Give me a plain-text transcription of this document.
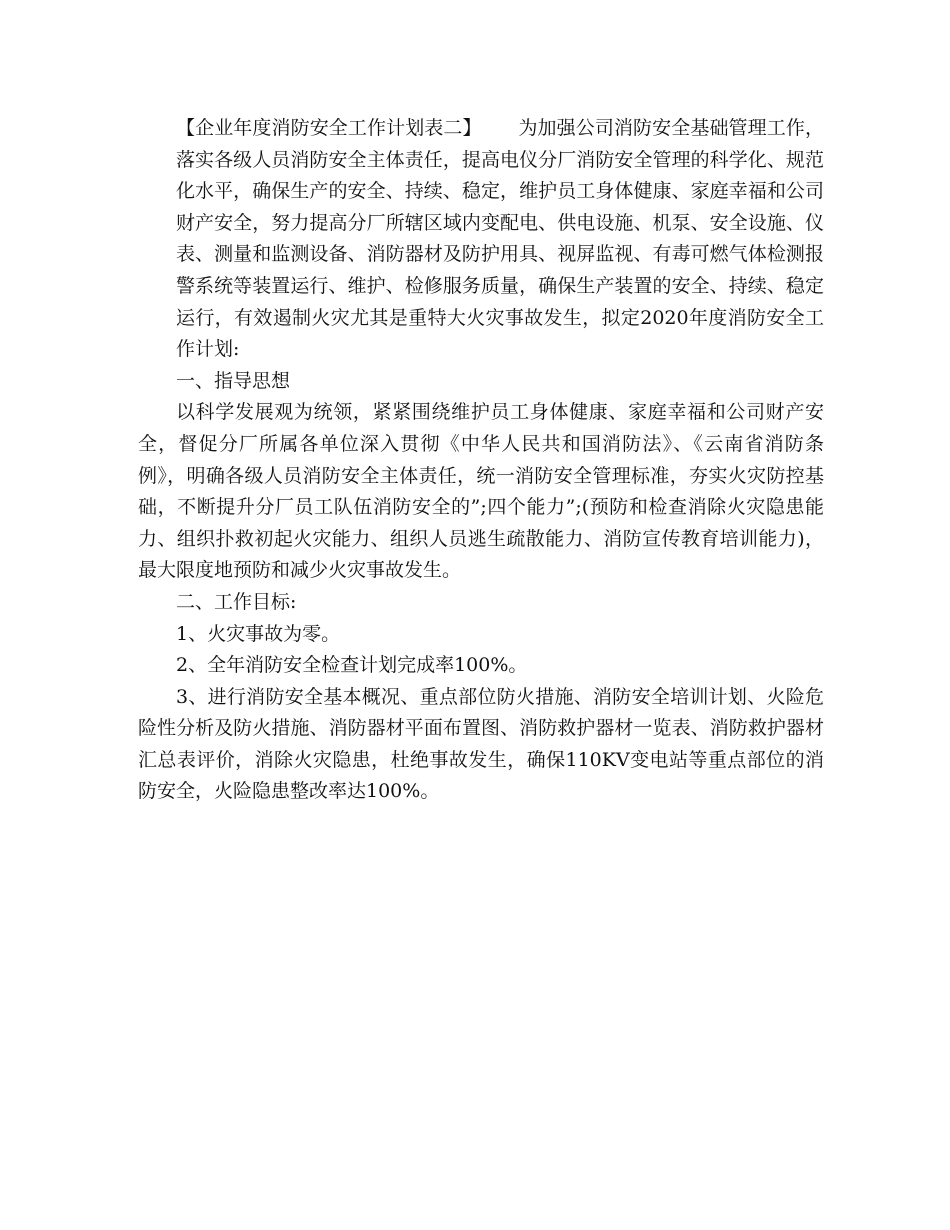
【企业年度消防安全工作计划表二】 为加强公司消防安全基础管理工作，落实各级人员消防安全主体责任，提高电仪分厂消防安全管理的科学化、规范化水平，确保生产的安全、持续、稳定，维护员工身体健康、家庭幸福和公司财产安全，努力提高分厂所辖区域内变配电、供电设施、机泵、安全设施、仪表、测量和监测设备、消防器材及防护用具、视屏监视、有毒可燃气体检测报警系统等装置运行、维护、检修服务质量，确保生产装置的安全、持续、稳定运行，有效遏制火灾尤其是重特大火灾事故发生，拟定2020年度消防安全工作计划:

一、指导思想

以科学发展观为统领，紧紧围绕维护员工身体健康、家庭幸福和公司财产安全，督促分厂所属各单位深入贯彻《中华人民共和国消防法》、《云南省消防条例》，明确各级人员消防安全主体责任，统一消防安全管理标准，夯实火灾防控基础，不断提升分厂员工队伍消防安全的”;四个能力”;(预防和检查消除火灾隐患能力、组织扑救初起火灾能力、组织人员逃生疏散能力、消防宣传教育培训能力)，最大限度地预防和减少火灾事故发生。

二、工作目标:

1、火灾事故为零。

2、全年消防安全检查计划完成率100%。

3、进行消防安全基本概况、重点部位防火措施、消防安全培训计划、火险危险性分析及防火措施、消防器材平面布置图、消防救护器材一览表、消防救护器材汇总表评价，消除火灾隐患，杜绝事故发生，确保110KV变电站等重点部位的消防安全，火险隐患整改率达100%。
